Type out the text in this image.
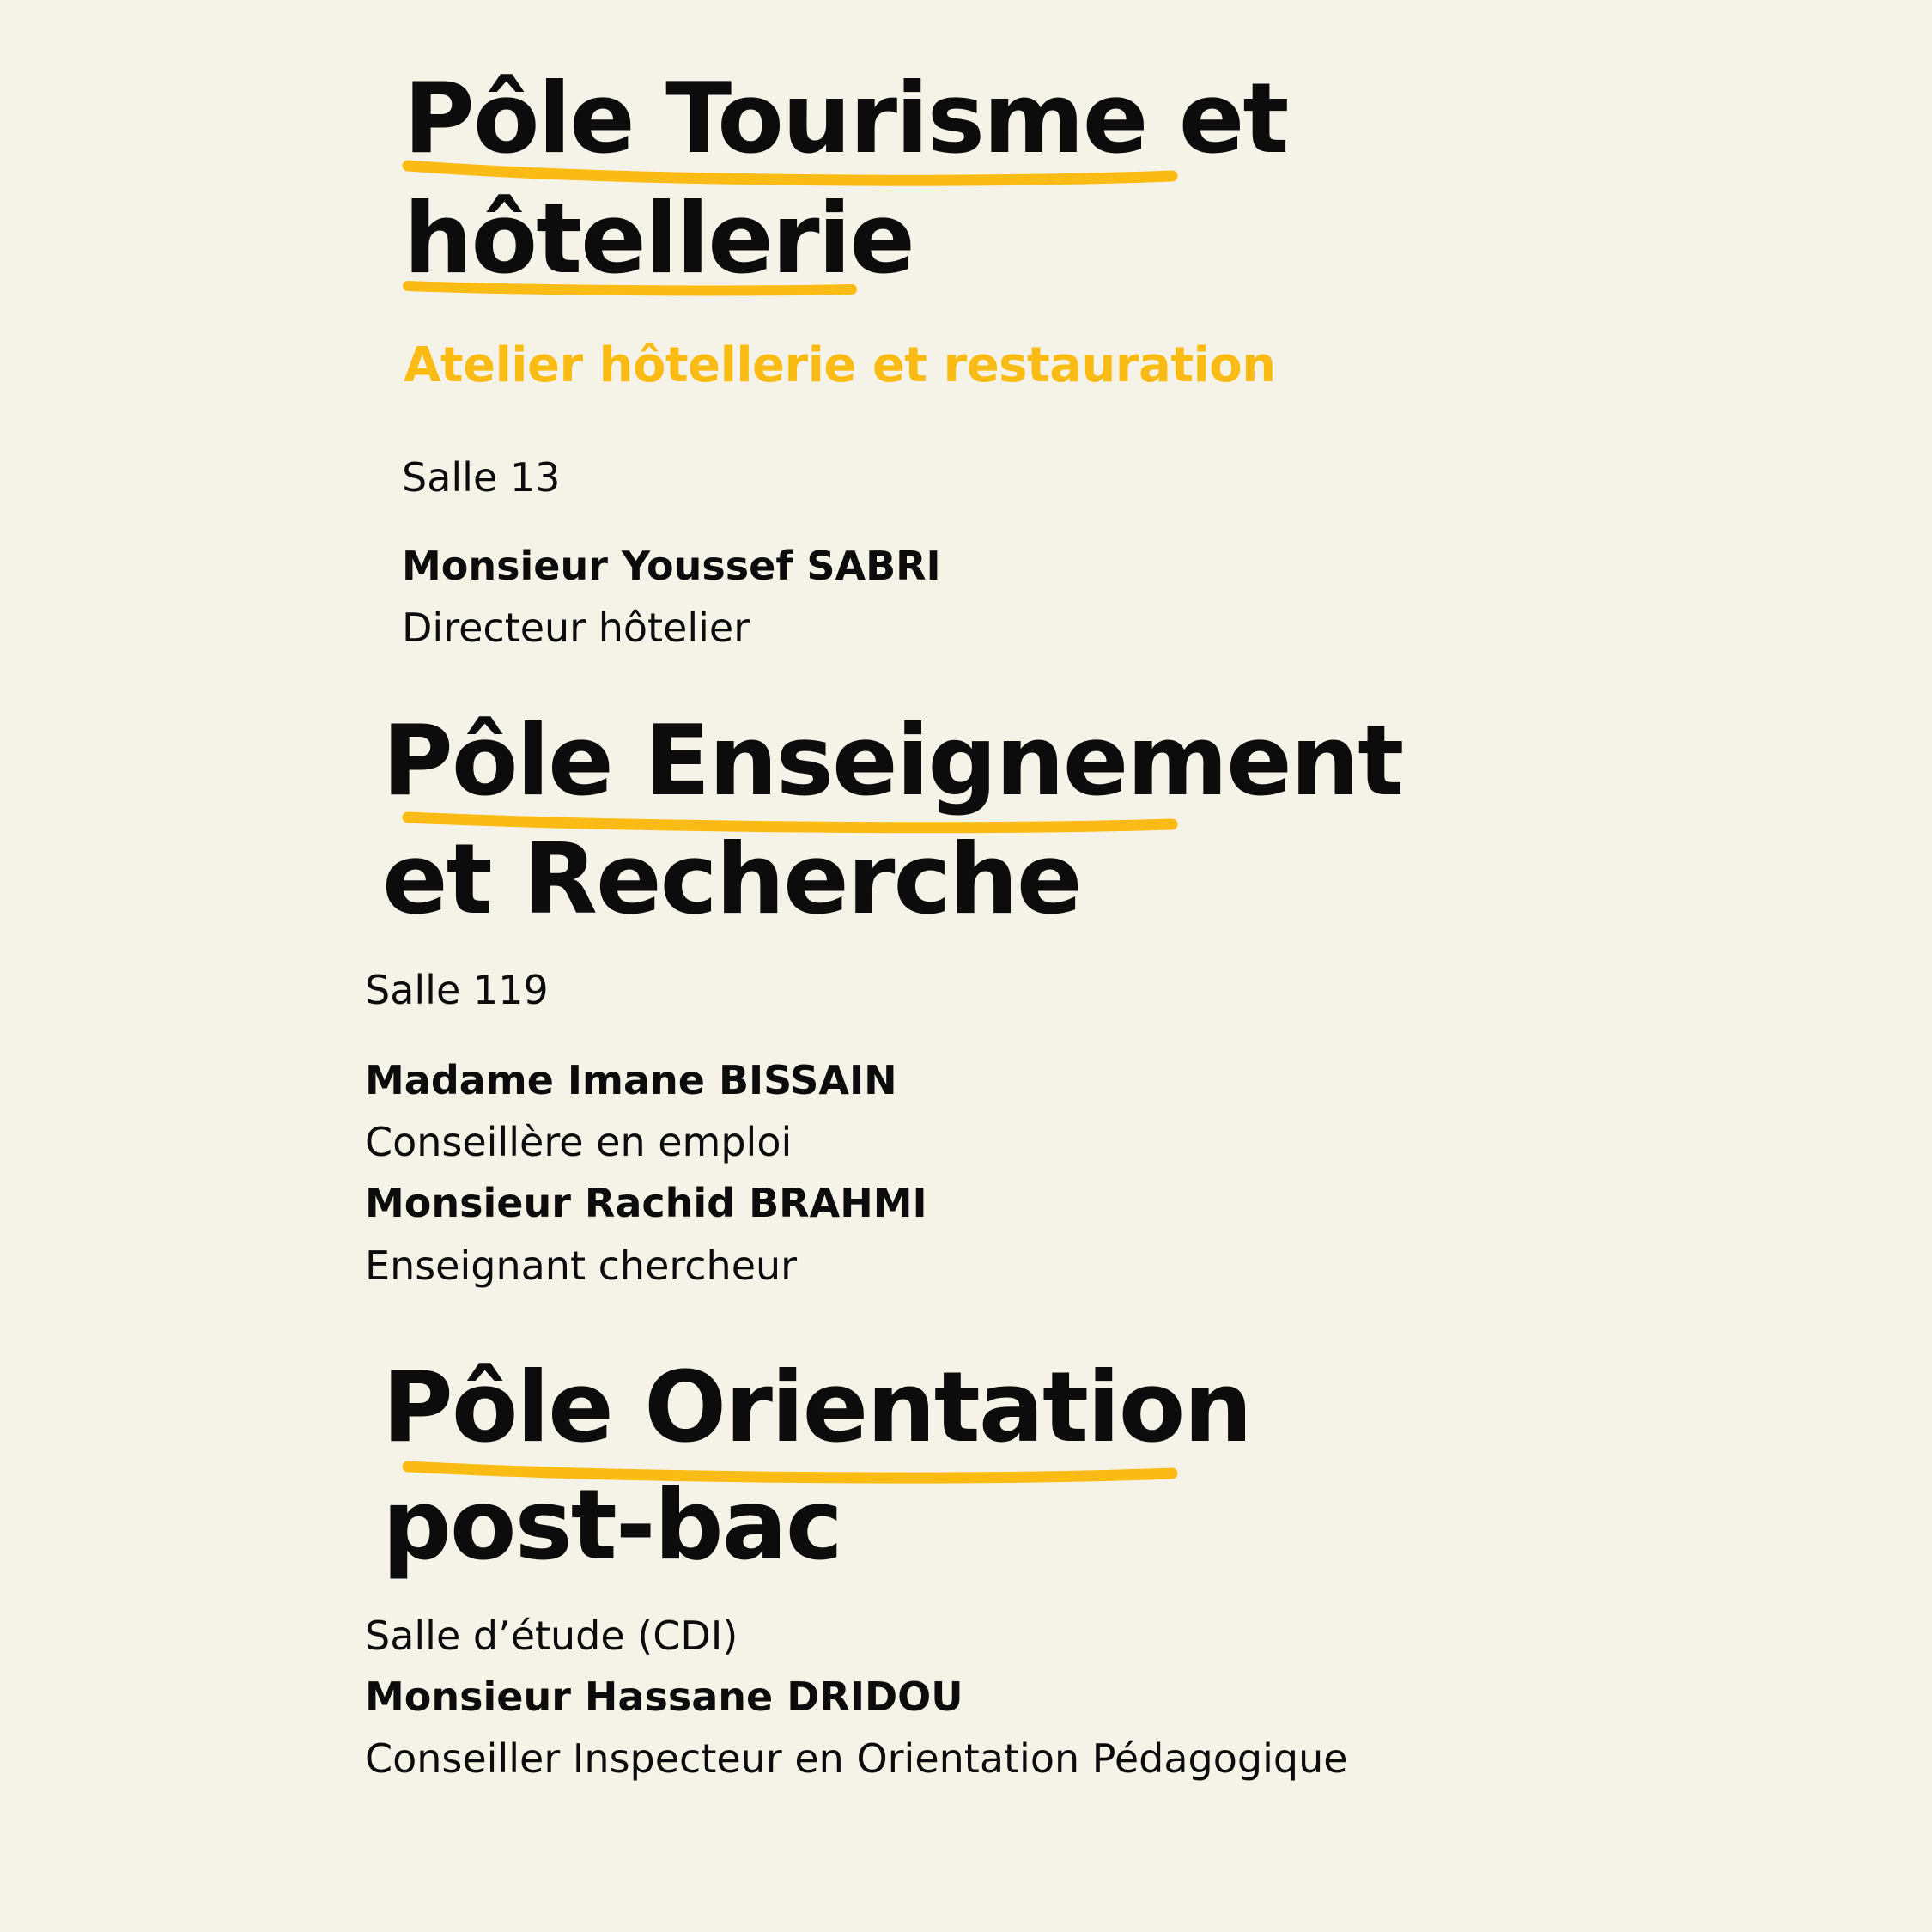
Pôle Tourisme et
hôtellerie

Atelier hôtellerie et restauration

Salle 13

Monsieur Youssef SABRI

Directeur hôtelier

Pôle Enseignement
et Recherche

Salle 119

Madame Imane BISSAIN

Conseillère en emploi

Monsieur Rachid BRAHMI

Enseignant chercheur

Pôle Orientation
post-bac

Salle d’étude (CDI)

Monsieur Hassane DRIDOU

Conseiller Inspecteur en Orientation Pédagogique
